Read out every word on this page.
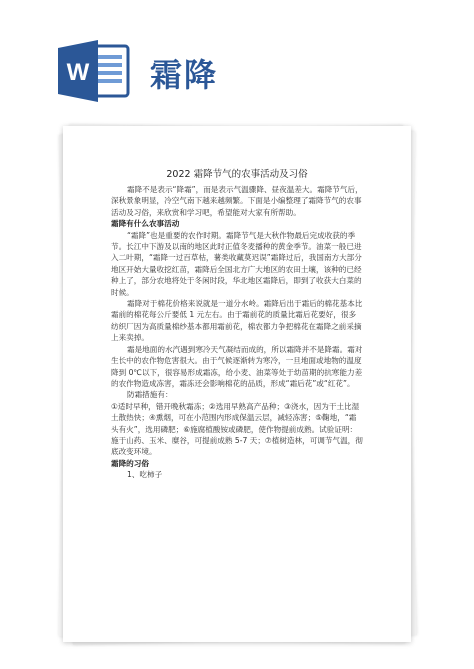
W 霜降
2022 霜降节气的农事活动及习俗

霜降不是表示“降霜”，而是表示气温骤降、昼夜温差大。霜降节气后，深秋景象明显，冷空气南下越来越频繁。下面是小编整理了霜降节气的农事活动及习俗，来欣赏和学习吧，希望能对大家有所帮助。

霜降有什么农事活动

“霜降”也是重要的农作时期。霜降节气是大秋作物最后完成收获的季节。长江中下游及以南的地区此时正值冬麦播种的黄金季节。油菜一般已进入二叶期，“霜降一过百草枯，薯类收藏莫迟误”霜降过后，我国南方大部分地区开始大量收挖红苗，霜降后全国北方广大地区的农田土壤，该种的已经种上了，部分农地将处于冬闲时段，华北地区霜降后，即到了收获大白菜的时候。

霜降对于棉花价格来说就是一道分水岭。霜降后出于霜后的棉花基本比霜前的棉花每公斤要低 1 元左右。由于霜前花的质量比霜后花要好，很多纺织厂因为高质量棉纱基本都用霜前花，棉农都力争把棉花在霜降之前采摘上来卖掉。

霜是地面的水汽遇到寒冷天气凝结而成的，所以霜降并不是降霜。霜对生长中的农作物危害很大。由于气候逐渐转为寒冷，一旦地面或地物的温度降到 0℃以下，很容易形成霜冻，给小麦、油菜等处于幼苗期的抗寒能力差的农作物造成冻害，霜冻还会影响棉花的品质，形成“霜后花”或“红花”。

防霜措施有：

①适时早种，错开晚秋霜冻；②选用早熟高产品种；③浇水，因为干土比湿土散热快；④熏烟，可在小范围内形成保温云层，减轻冻害；⑤鞠地，“霜头有火”，选用磷肥；⑥施腐植酸铵或磷肥，使作物提前成熟。试验证明：施于山药、玉米、糜谷，可提前成熟 5-7 天；⑦植树造林，可调节气温，彻底改变环境。

霜降的习俗

1、吃柿子
